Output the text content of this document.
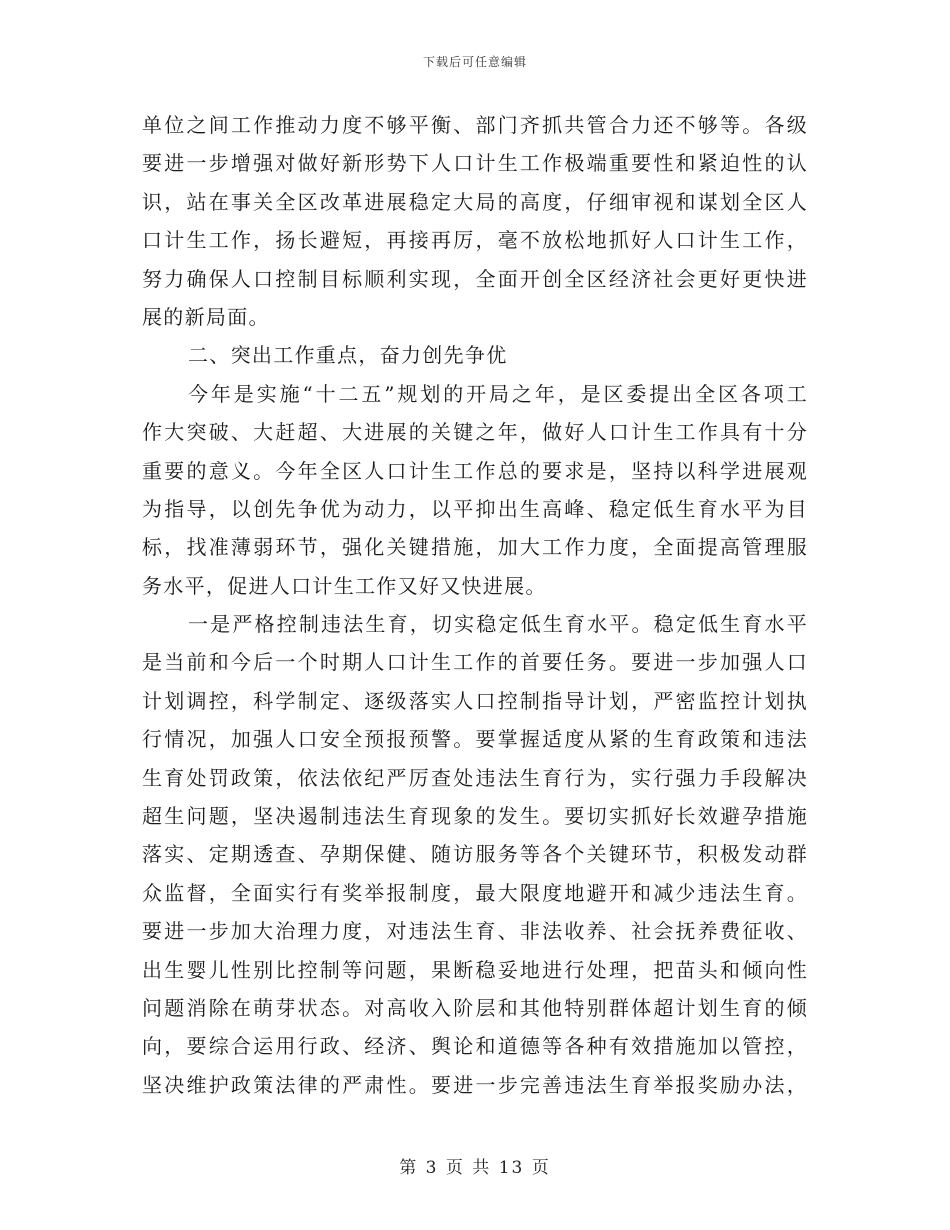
下载后可任意编辑
单位之间工作推动力度不够平衡、部门齐抓共管合力还不够等。各级
要进一步增强对做好新形势下人口计生工作极端重要性和紧迫性的认
识，站在事关全区改革进展稳定大局的高度，仔细审视和谋划全区人
口计生工作，扬长避短，再接再厉，毫不放松地抓好人口计生工作，
努力确保人口控制目标顺利实现，全面开创全区经济社会更好更快进
展的新局面。
二、突出工作重点，奋力创先争优
今年是实施“十二五”规划的开局之年，是区委提出全区各项工
作大突破、大赶超、大进展的关键之年，做好人口计生工作具有十分
重要的意义。今年全区人口计生工作总的要求是，坚持以科学进展观
为指导，以创先争优为动力，以平抑出生高峰、稳定低生育水平为目
标，找准薄弱环节，强化关键措施，加大工作力度，全面提高管理服
务水平，促进人口计生工作又好又快进展。
一是严格控制违法生育，切实稳定低生育水平。稳定低生育水平
是当前和今后一个时期人口计生工作的首要任务。要进一步加强人口
计划调控，科学制定、逐级落实人口控制指导计划，严密监控计划执
行情况，加强人口安全预报预警。要掌握适度从紧的生育政策和违法
生育处罚政策，依法依纪严厉查处违法生育行为，实行强力手段解决
超生问题，坚决遏制违法生育现象的发生。要切实抓好长效避孕措施
落实、定期透查、孕期保健、随访服务等各个关键环节，积极发动群
众监督，全面实行有奖举报制度，最大限度地避开和减少违法生育。
要进一步加大治理力度，对违法生育、非法收养、社会抚养费征收、
出生婴儿性别比控制等问题，果断稳妥地进行处理，把苗头和倾向性
问题消除在萌芽状态。对高收入阶层和其他特别群体超计划生育的倾
向，要综合运用行政、经济、舆论和道德等各种有效措施加以管控，
坚决维护政策法律的严肃性。要进一步完善违法生育举报奖励办法，
第 3 页 共 13 页
